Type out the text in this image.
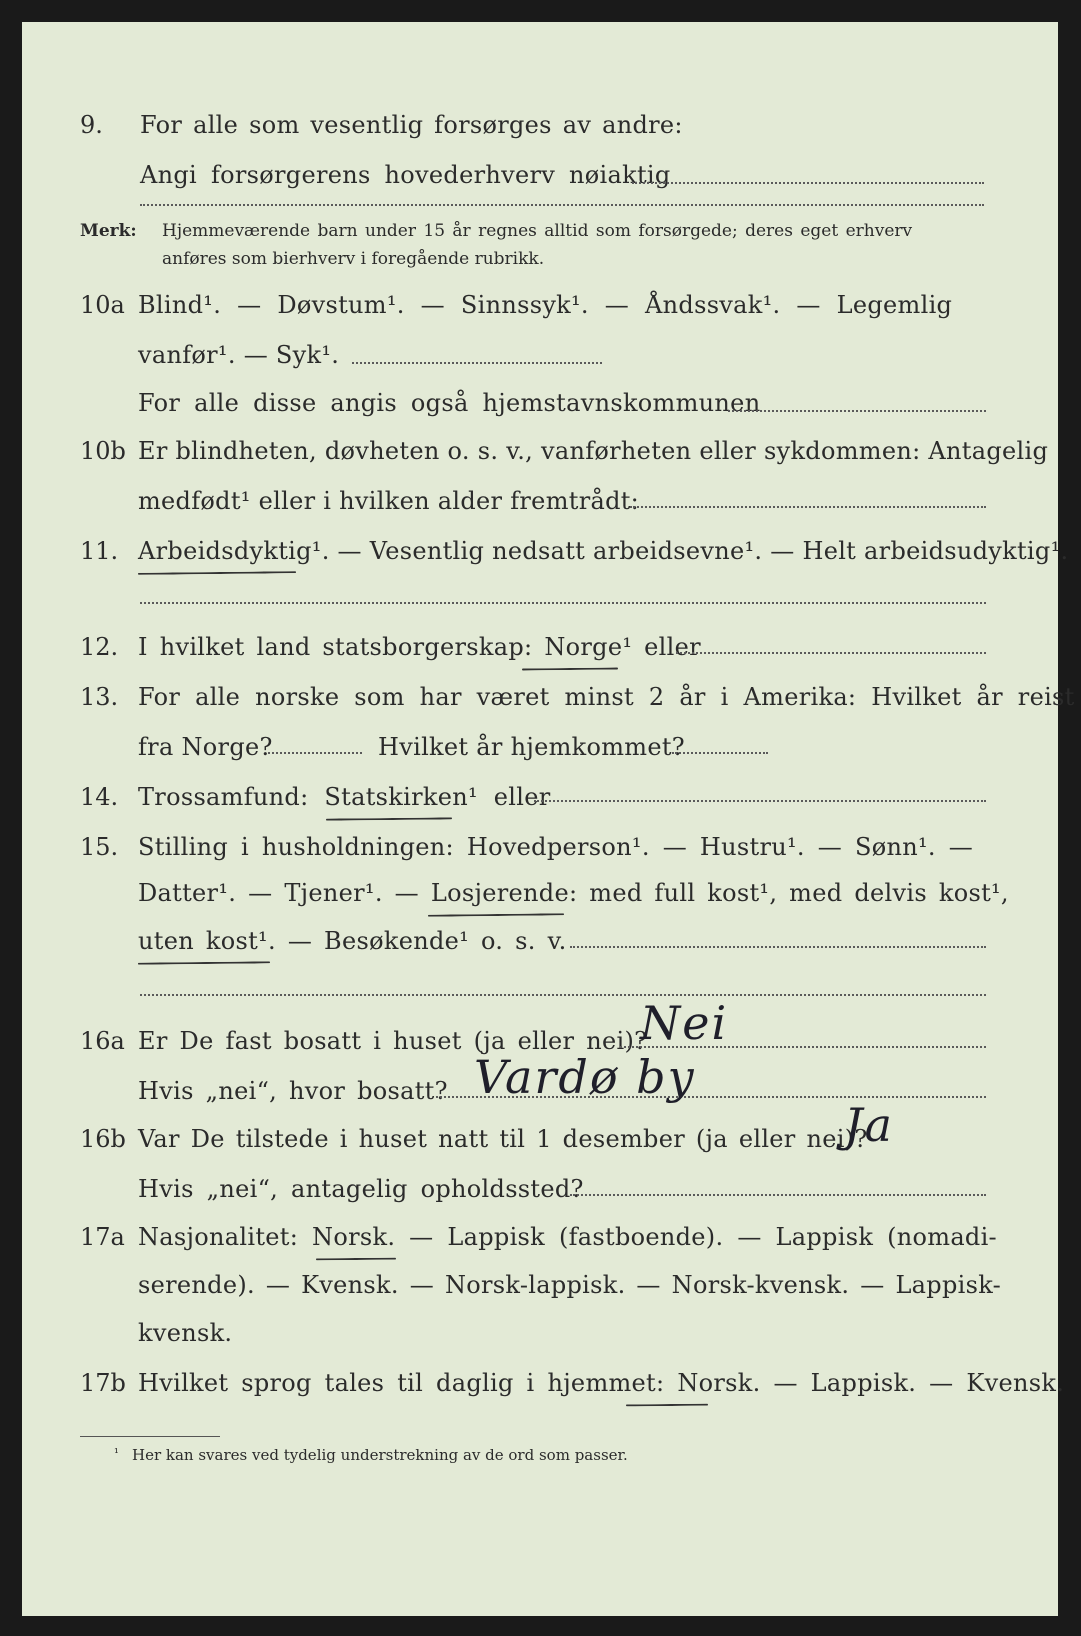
9. For alle som vesentlig forsørges av andre:
Angi forsørgerens hovederhverv nøiaktig
Merk: Hjemmeværende barn under 15 år regnes alltid som forsørgede; deres eget erhverv
anføres som bierhverv i foregående rubrikk.
10a Blind¹. — Døvstum¹. — Sinnssyk¹. — Åndssvak¹. — Legemlig
vanfør¹. — Syk¹.
For alle disse angis også hjemstavnskommunen
10b Er blindheten, døvheten o. s. v., vanførheten eller sykdommen: Antagelig
medfødt¹ eller i hvilken alder fremtrådt:
11. Arbeidsdyktig¹. — Vesentlig nedsatt arbeidsevne¹. — Helt arbeidsudyktig¹.
12. I hvilket land statsborgerskap: Norge¹ eller
13. For alle norske som har været minst 2 år i Amerika: Hvilket år reist
fra Norge?	Hvilket år hjemkommet?
14. Trossamfund: Statskirken¹ eller
15. Stilling i husholdningen: Hovedperson¹. — Hustru¹. — Sønn¹. —
Datter¹. — Tjener¹. — Losjerende: med full kost¹, med delvis kost¹,
uten kost¹. — Besøkende¹ o. s. v.
16a Er De fast bosatt i huset (ja eller nei)?
Nei
Hvis „nei“, hvor bosatt? Vardø by
16b Var De tilstede i huset natt til 1 desember (ja eller nei)?
Ja
Hvis „nei“, antagelig opholdssted?
17a Nasjonalitet: Norsk. — Lappisk (fastboende). — Lappisk (nomadi-
serende). — Kvensk. — Norsk-lappisk. — Norsk-kvensk. — Lappisk-
kvensk.
17b Hvilket sprog tales til daglig i hjemmet: Norsk. — Lappisk. — Kvensk.
¹ Her kan svares ved tydelig understrekning av de ord som passer.
